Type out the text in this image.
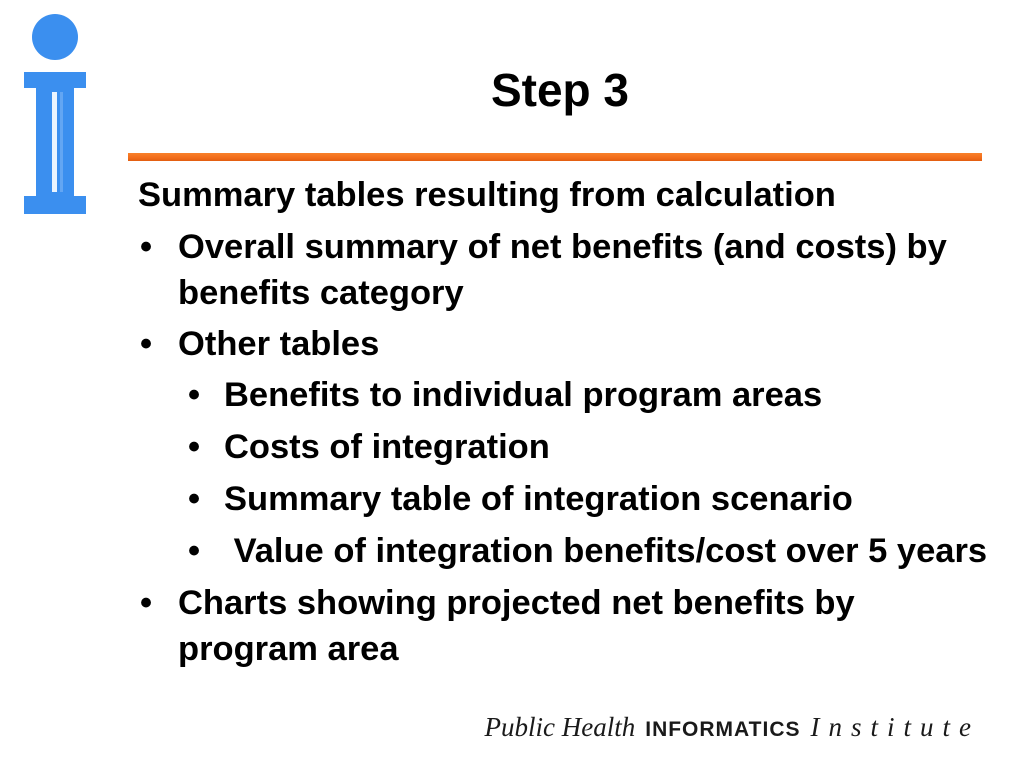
Step 3
Summary tables resulting from calculation
• Overall summary of net benefits (and costs) by benefits category
• Other tables
• Benefits to individual program areas
• Costs of integration
• Summary table of integration scenario
• Value of integration benefits/cost over 5 years
• Charts showing projected net benefits by program area
Public Health INFORMATICS Institute
